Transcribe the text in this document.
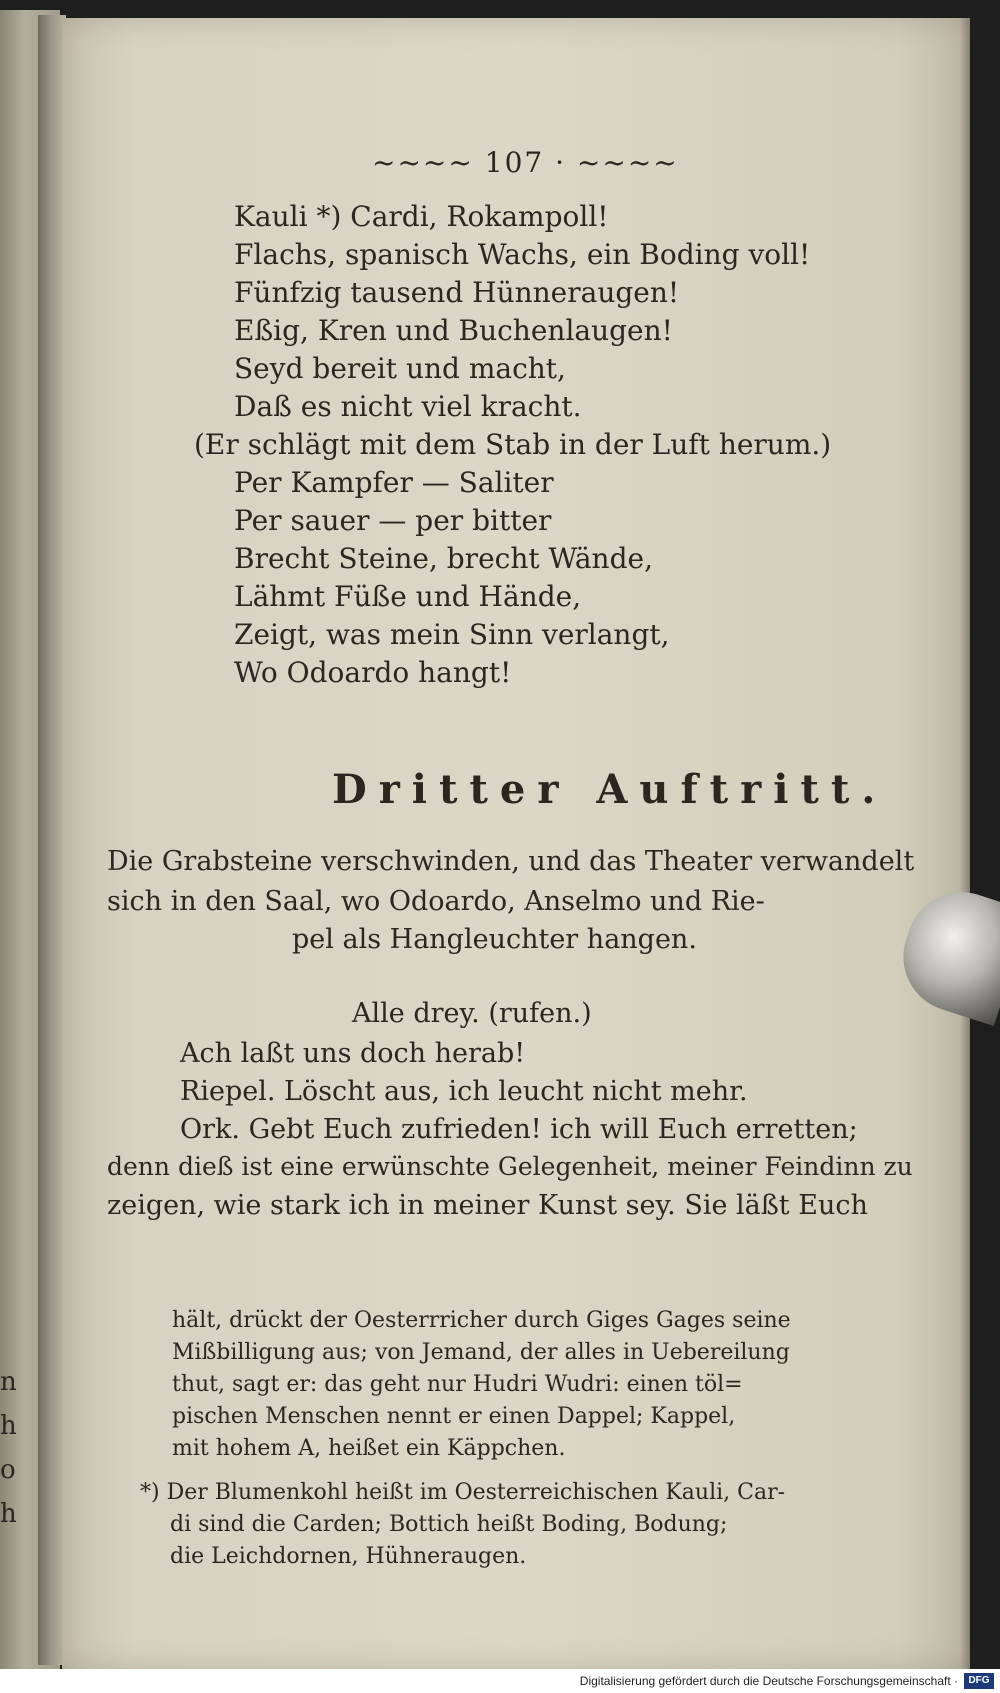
n
h
o
h
~~~~ 107 · ~~~~
Kauli *) Cardi, Rokampoll!
Flachs, spanisch Wachs, ein Boding voll!
Fünfzig tausend Hünneraugen!
Eßig, Kren und Buchenlaugen!
Seyd bereit und macht,
Daß es nicht viel kracht.
(Er schlägt mit dem Stab in der Luft herum.)
Per Kampfer — Saliter
Per sauer — per bitter
Brecht Steine, brecht Wände,
Lähmt Füße und Hände,
Zeigt, was mein Sinn verlangt,
Wo Odoardo hangt!
Dritter Auftritt.
Die Grabsteine verschwinden, und das Theater verwandelt
sich in den Saal, wo Odoardo, Anselmo und Rie-
pel als Hangleuchter hangen.
Alle drey. (rufen.)
Ach laßt uns doch herab!
Riepel. Löscht aus, ich leucht nicht mehr.
Ork. Gebt Euch zufrieden! ich will Euch erretten;
denn dieß ist eine erwünschte Gelegenheit, meiner Feindinn zu
zeigen, wie stark ich in meiner Kunst sey. Sie läßt Euch
hält, drückt der Oesterrricher durch Giges Gages seine
Mißbilligung aus; von Jemand, der alles in Uebereilung
thut, sagt er: das geht nur Hudri Wudri: einen töl=
pischen Menschen nennt er einen Dappel; Kappel,
mit hohem A, heißet ein Käppchen.
*) Der Blumenkohl heißt im Oesterreichischen Kauli, Car-
di sind die Carden; Bottich heißt Boding, Bodung;
die Leichdornen, Hühneraugen.
Digitalisierung gefördert durch die Deutsche Forschungsgemeinschaft ·	DFG
